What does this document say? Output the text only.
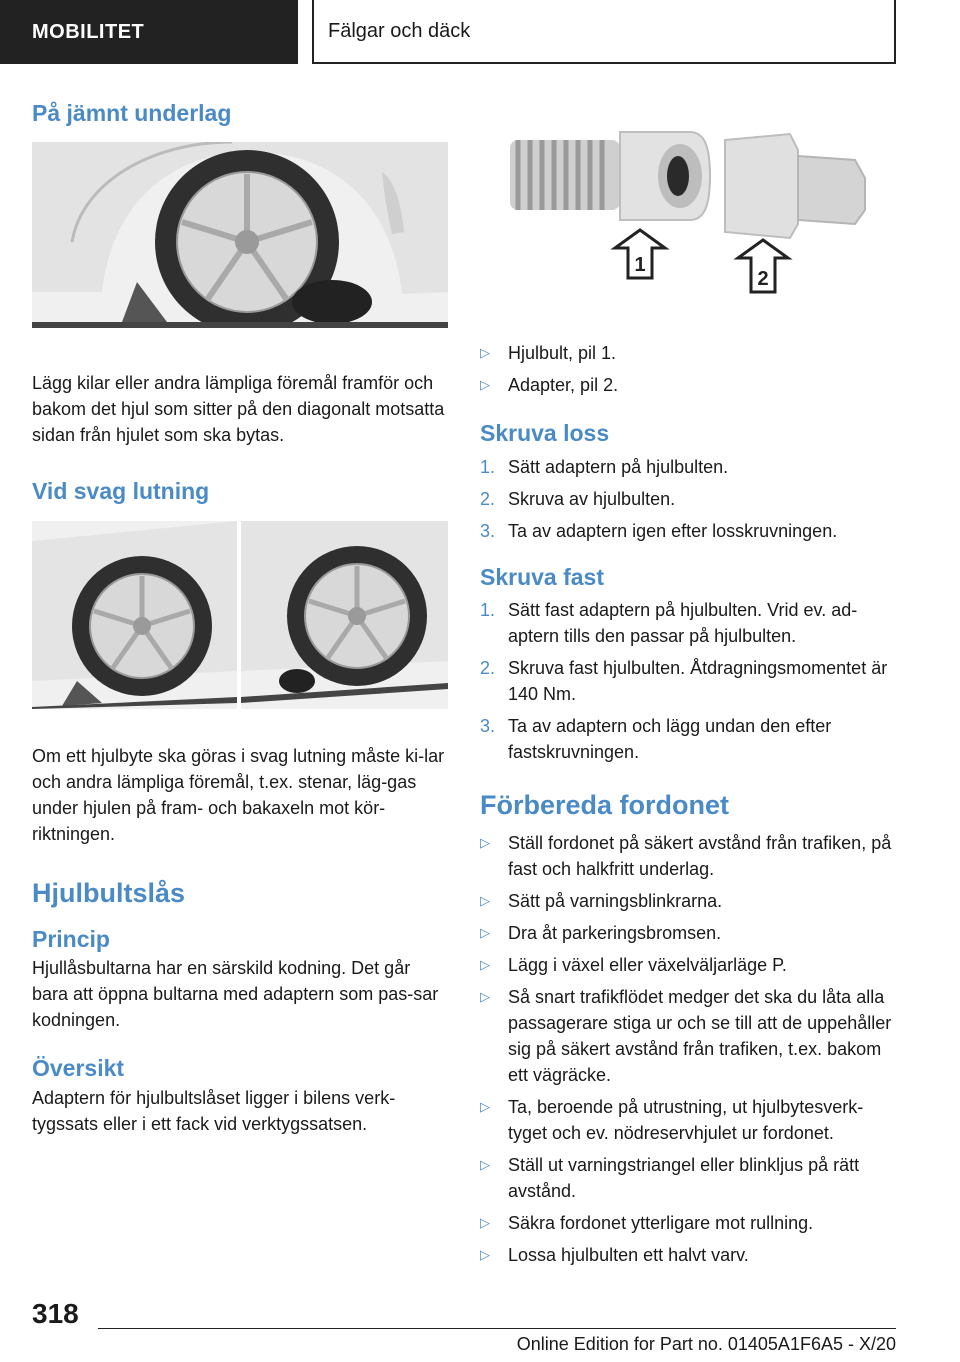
MOBILITET	Fälgar och däck
På jämnt underlag

Lägg kilar eller andra lämpliga föremål framför och bakom det hjul som sitter på den diagonalt motsatta sidan från hjulet som ska bytas.

Vid svag lutning

Om ett hjulbyte ska göras i svag lutning måste ki-lar och andra lämpliga föremål, t.ex. stenar, läg-gas under hjulen på fram- och bakaxeln mot kör-riktningen.

Hjulbultslås
Princip

Hjullåsbultarna har en särskild kodning. Det går bara att öppna bultarna med adaptern som pas-sar kodningen.

Översikt

Adaptern för hjulbultslåset ligger i bilens verk-tygssats eller i ett fack vid verktygssatsen.

1
2
▷ Hjulbult, pil 1.
▷ Adapter, pil 2.
Skruva loss
1. Sätt adaptern på hjulbulten.
2. Skruva av hjulbulten.
3. Ta av adaptern igen efter losskruvningen.
Skruva fast
1. Sätt fast adaptern på hjulbulten. Vrid ev. ad-aptern tills den passar på hjulbulten.
2. Skruva fast hjulbulten. Åtdragningsmomentet är 140 Nm.
3. Ta av adaptern och lägg undan den efter fastskruvningen.
Förbereda fordonet
▷ Ställ fordonet på säkert avstånd från trafiken, på fast och halkfritt underlag.
▷ Sätt på varningsblinkrarna.
▷ Dra åt parkeringsbromsen.
▷ Lägg i växel eller växelväljarläge P.
▷ Så snart trafikflödet medger det ska du låta alla passagerare stiga ur och se till att de uppehåller sig på säkert avstånd från trafiken, t.ex. bakom ett vägräcke.
▷ Ta, beroende på utrustning, ut hjulbytesverk-tyget och ev. nödreservhjulet ur fordonet.
▷ Ställ ut varningstriangel eller blinkljus på rätt avstånd.
▷ Säkra fordonet ytterligare mot rullning.
▷ Lossa hjulbulten ett halvt varv.
318
Online Edition for Part no. 01405A1F6A5 - X/20
